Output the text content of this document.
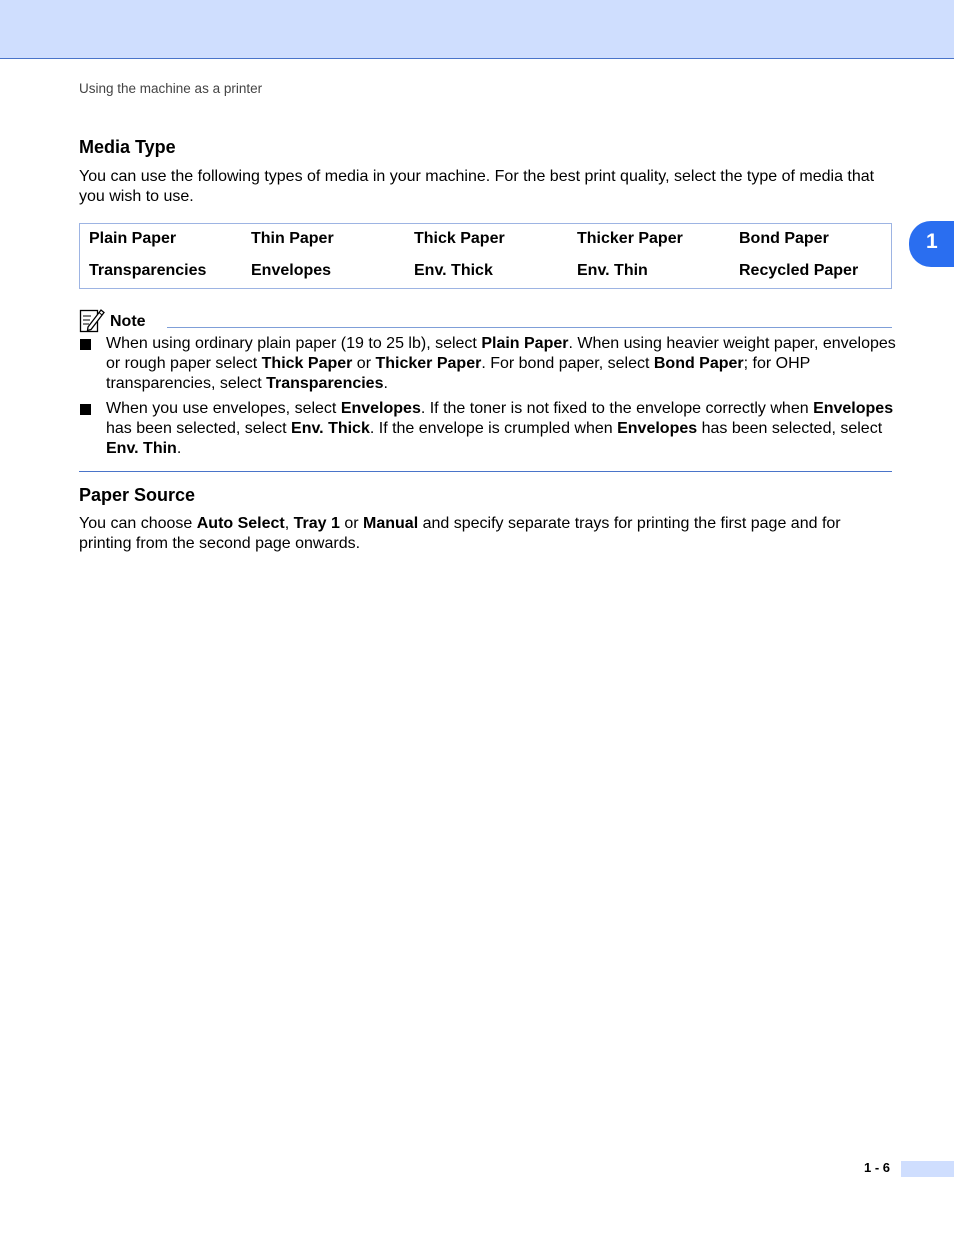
Using the machine as a printer
1
Media Type

You can use the following types of media in your machine. For the best print quality, select the type of media that you wish to use.

Plain Paper	Thin Paper	Thick Paper	Thicker Paper	Bond Paper
Transparencies	Envelopes	Env. Thick	Env. Thin	Recycled Paper
Note

When using ordinary plain paper (19 to 25 lb), select Plain Paper. When using heavier weight paper, envelopes or rough paper select Thick Paper or Thicker Paper. For bond paper, select Bond Paper; for OHP transparencies, select Transparencies.

When you use envelopes, select Envelopes. If the toner is not fixed to the envelope correctly when Envelopes has been selected, select Env. Thick. If the envelope is crumpled when Envelopes has been selected, select Env. Thin.

Paper Source

You can choose Auto Select, Tray 1 or Manual and specify separate trays for printing the first page and for printing from the second page onwards.

1 - 6
